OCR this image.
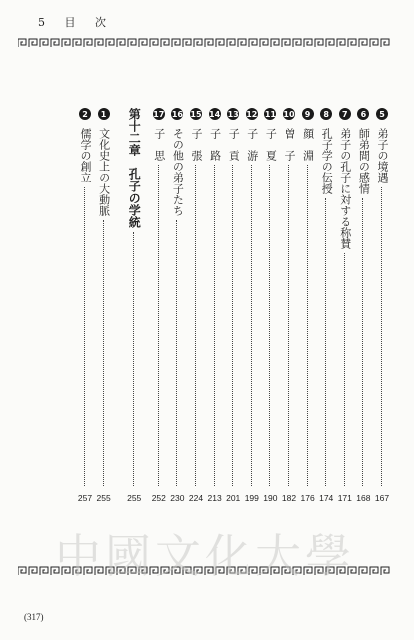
5 目 次
5
弟子の境遇
167
6
師弟間の感情
168
7
弟子の孔子に対する称賛
171
8
孔子学の伝授
174
9
顔　淵
176
10
曽　子
182
11
子　夏
190
12
子　游
199
13
子　貢
201
14
子　路
213
15
子　張
224
16
その他の弟子たち
230
17
子　思
252
第十二章　孔子の学統
255
1
文化史上の大動脈
255
2
儒学の創立
257
中國文化大學
(317)
